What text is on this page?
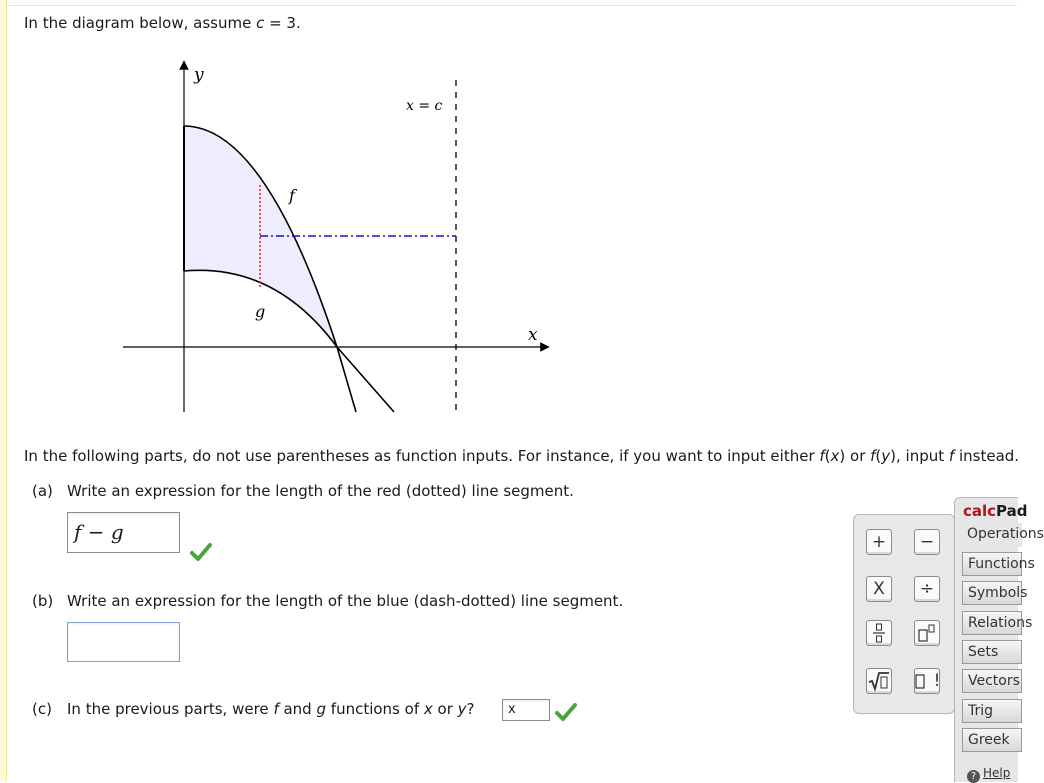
In the diagram below, assume c = 3.
y
x
x = c
f
g
In the following parts, do not use parentheses as function inputs. For instance, if you want to input either f(x) or f(y), input f instead.
(a) Write an expression for the length of the red (dotted) line segment.
f − g
(b) Write an expression for the length of the blue (dash-dotted) line segment.
(c) In the previous parts, were f and g functions of x or y?	x
+	−
X	÷
!
calcPad
Operations
Functions
Symbols
Relations
Sets
Vectors
Trig
Greek
? Help
